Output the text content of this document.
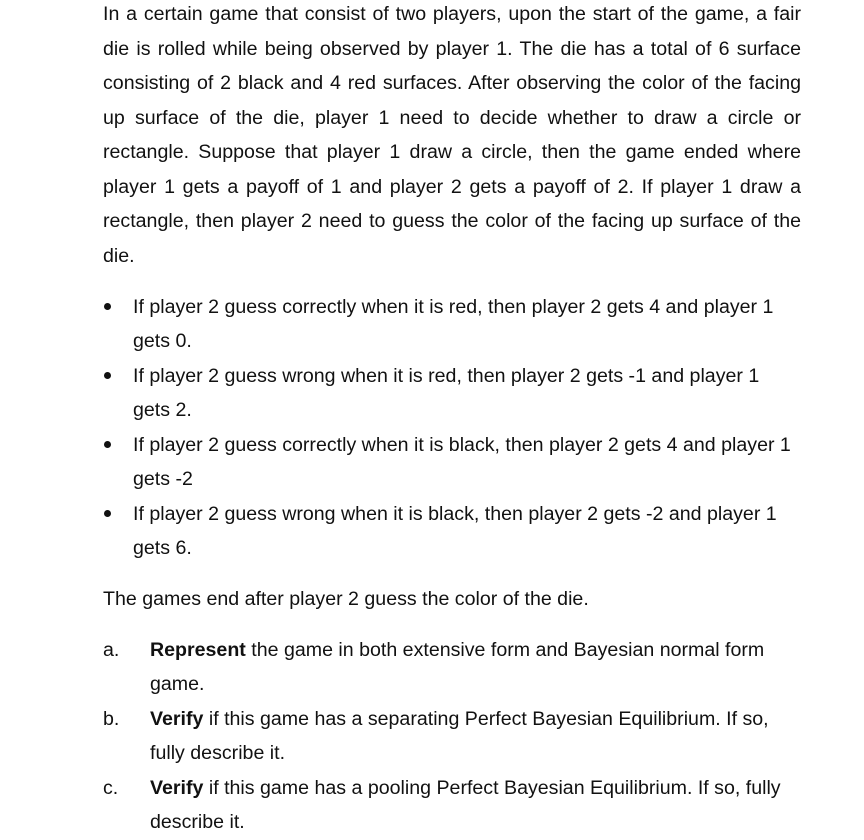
In a certain game that consist of two players, upon the start of the game, a fair die is rolled while being observed by player 1. The die has a total of 6 surface consisting of 2 black and 4 red surfaces. After observing the color of the facing up surface of the die, player 1 need to decide whether to draw a circle or rectangle. Suppose that player 1 draw a circle, then the game ended where player 1 gets a payoff of 1 and player 2 gets a payoff of 2. If player 1 draw a rectangle, then player 2 need to guess the color of the facing up surface of the die.

If player 2 guess correctly when it is red, then player 2 gets 4 and player 1 gets 0.
If player 2 guess wrong when it is red, then player 2 gets -1 and player 1 gets 2.
If player 2 guess correctly when it is black, then player 2 gets 4 and player 1 gets -2
If player 2 guess wrong when it is black, then player 2 gets -2 and player 1 gets 6.

The games end after player 2 guess the color of the die.

a. Represent the game in both extensive form and Bayesian normal form game.
b. Verify if this game has a separating Perfect Bayesian Equilibrium. If so, fully describe it.
c. Verify if this game has a pooling Perfect Bayesian Equilibrium. If so, fully describe it.
